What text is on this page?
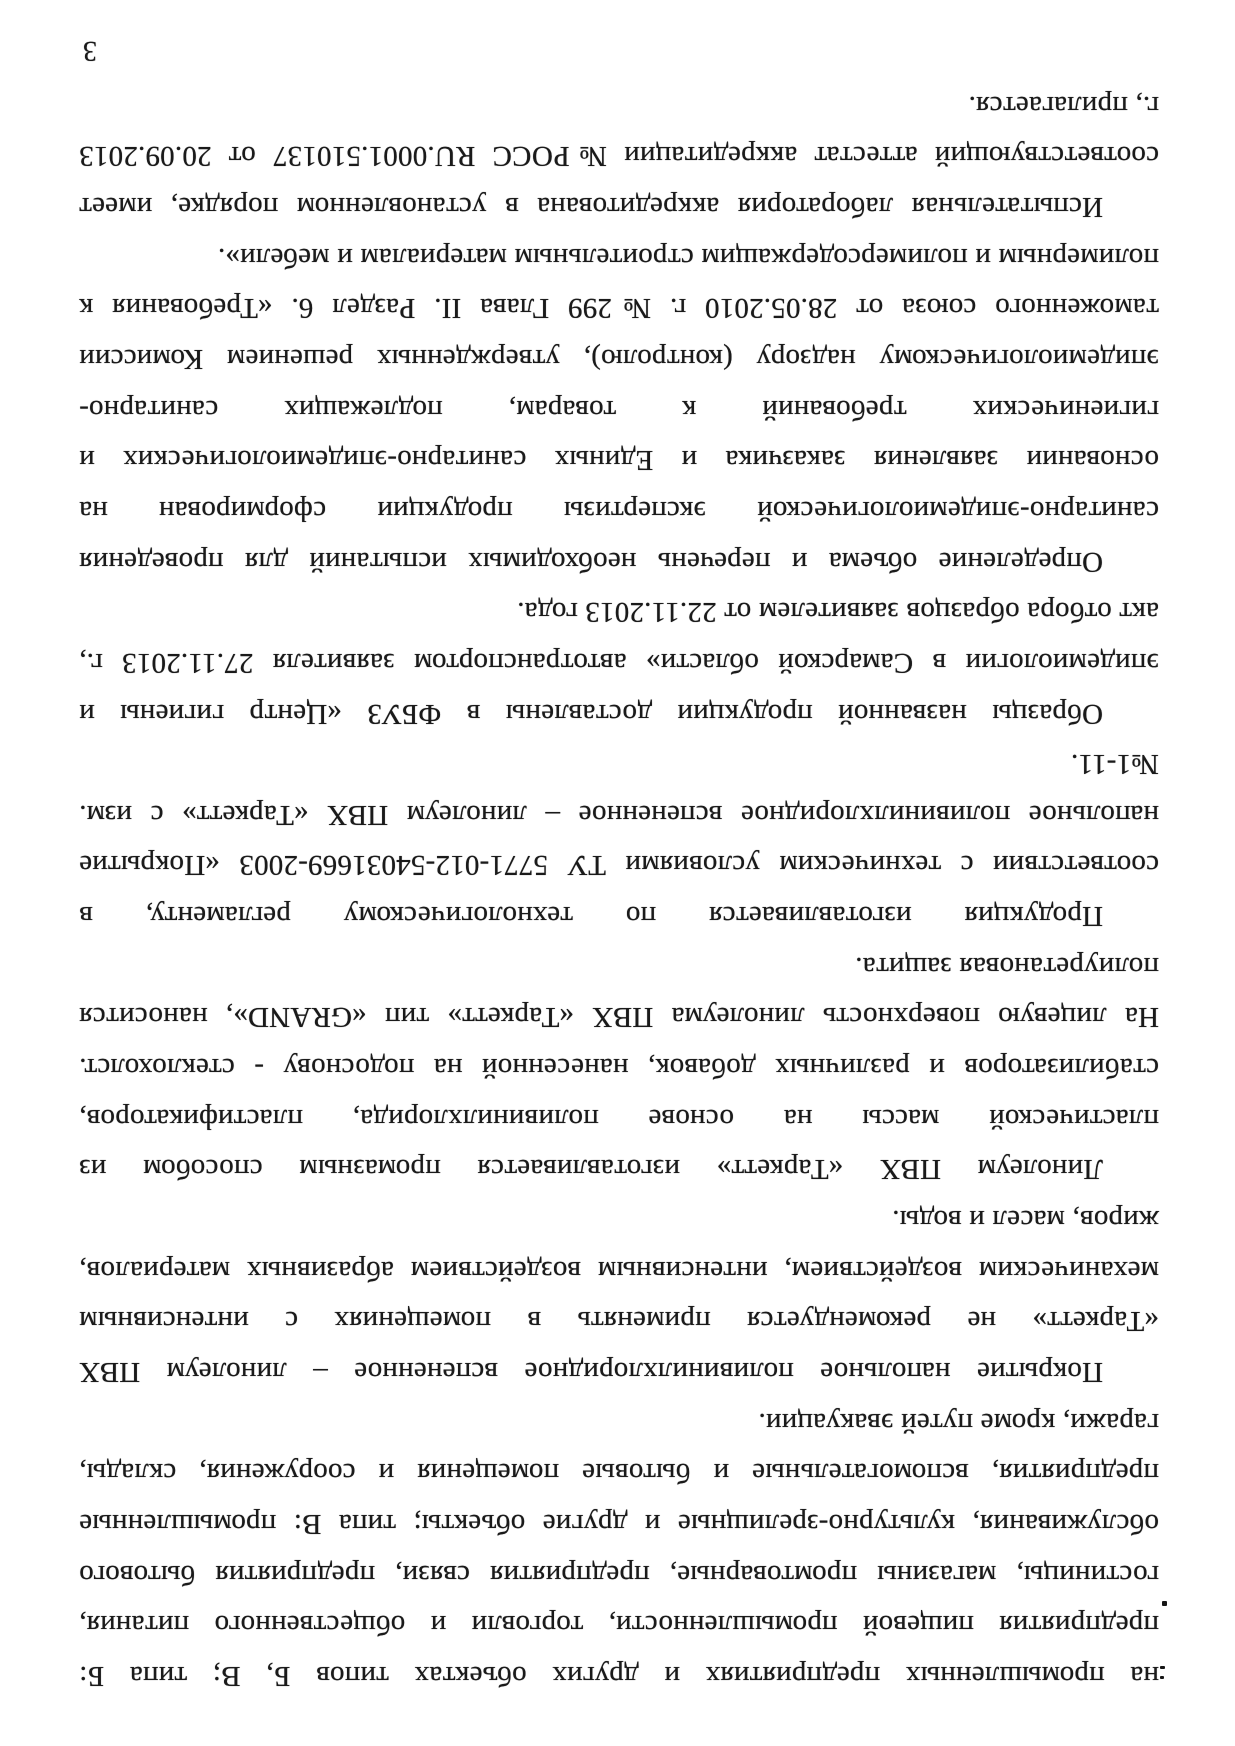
на промышленных предприятиях и других объектах типов Б, В; типа Б:
предприятия пищевой промышленности, торговли и общественного питания,
гостиницы, магазины промтоварные, предприятия связи, предприятия бытового
обслуживания, культурно-зрелищные и другие объекты; типа В: промышленные
предприятия, вспомогательные и бытовые помещения и сооружения, склады,
гаражи, кроме путей эвакуации.
Покрытие напольное поливинилхлоридное вспененное – линолеум ПВХ
«Таркетт» не рекомендуется применять в помещениях с интенсивным
механическим воздействием, интенсивным воздействием абразивных материалов,
жиров, масел и воды.
Линолеум ПВХ «Таркетт» изготавливается промазным способом из
пластической массы на основе поливинилхлорида, пластификаторов,
стабилизаторов и различных добавок, нанесенной на подоснову - стеклохолст.
На лицевую поверхность линолеума ПВХ «Таркетт» тип «GRAND», наносится
полиуретановая защита.
Продукция изготавливается по технологическому регламенту, в
соответствии с техническим условиями ТУ 5771-012-54031669-2003 «Покрытие
напольное поливинилхлоридное вспененное – линолеум ПВХ «Таркетт» с изм.
№1-11.
Образцы названной продукции доставлены в ФБУЗ «Центр гигиены и
эпидемиологии в Самарской области» автотранспортом заявителя 27.11.2013 г.,
акт отбора образцов заявителем от 22.11.2013 года.
Определение объема и перечень необходимых испытаний для проведения
санитарно-эпидемиологической экспертизы продукции сформирован на
основании заявления заказчика и Единых санитарно-эпидемиологических и
гигиенических требований к товарам, подлежащих санитарно-
эпидемиологическому надзору (контролю), утвержденных решением Комиссии
таможенного союза от 28.05.2010 г. №299 Глава II. Раздел 6. «Требования к
полимерным и полимерсодержащим строительным материалам и мебели».
Испытательная лаборатория аккредитована в установленном порядке, имеет
соответствующий аттестат аккредитации №РОСС RU.0001.510137 от 20.09.2013
г., прилагается.
3
